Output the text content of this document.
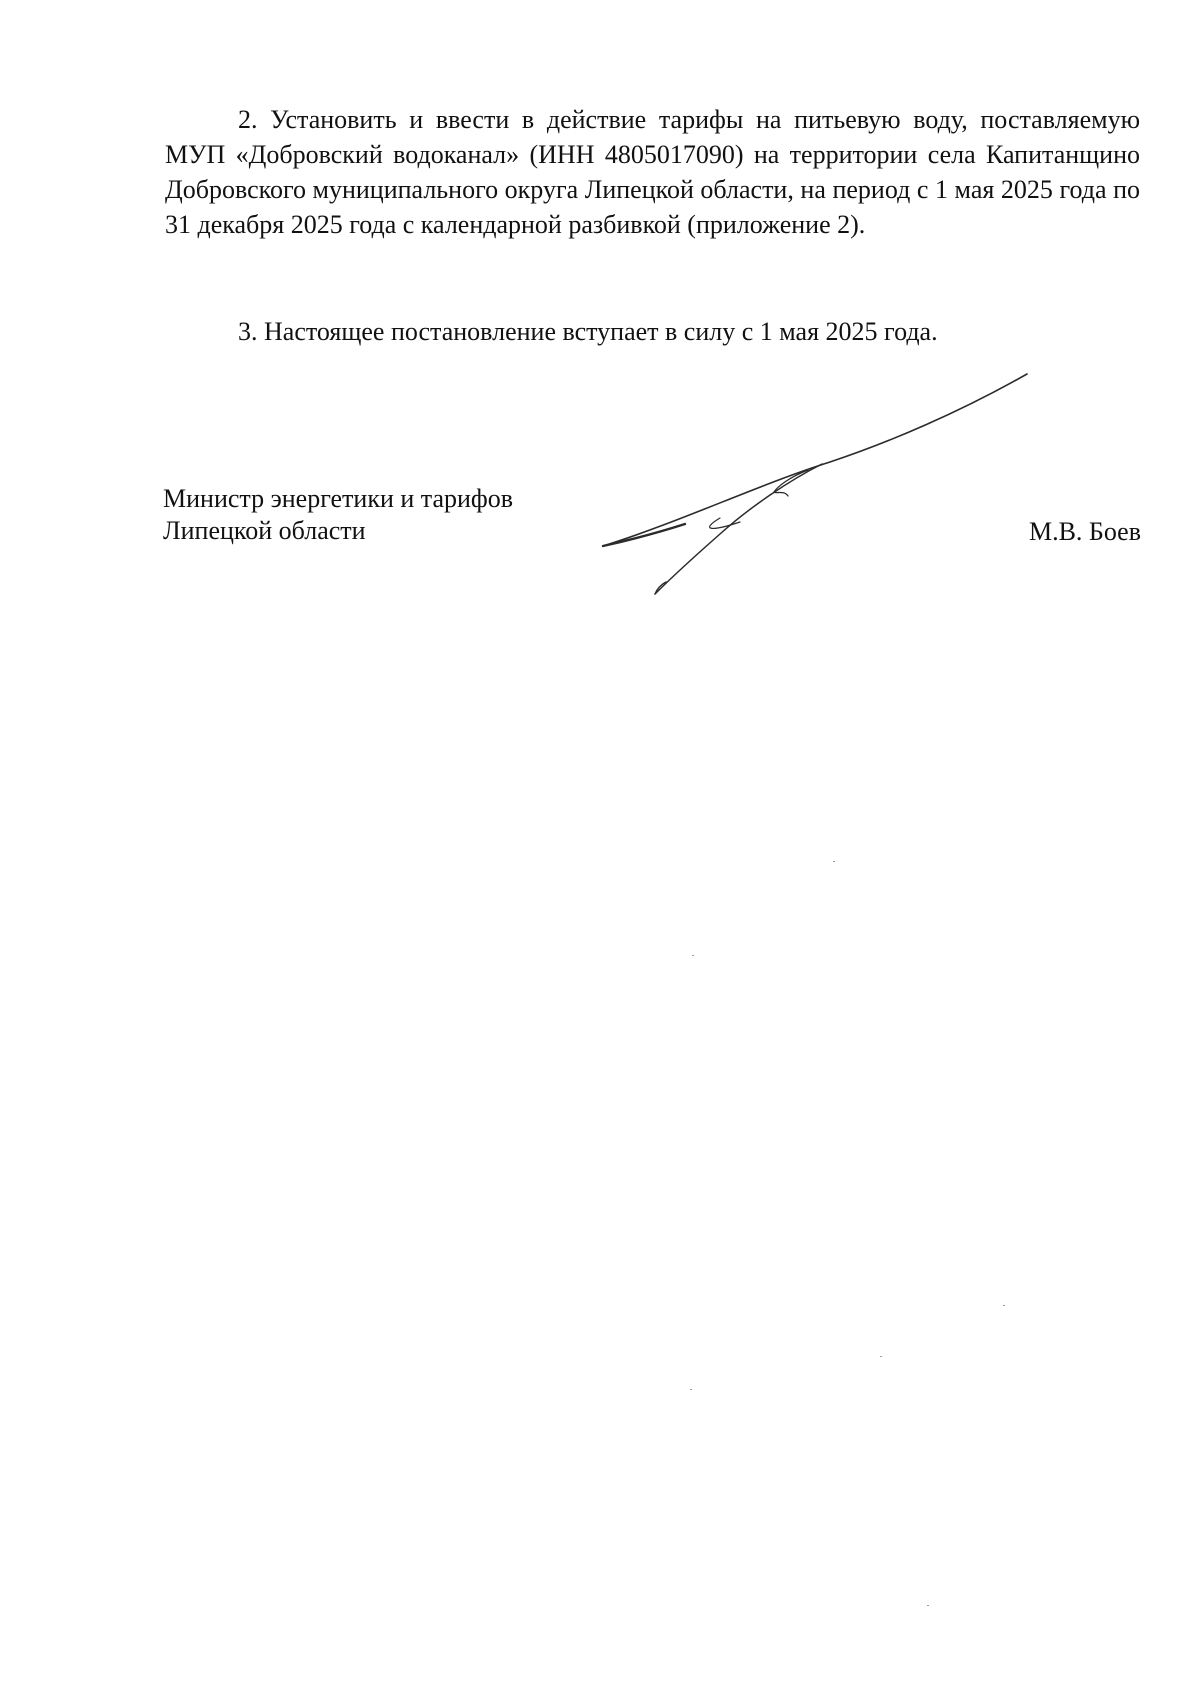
2. Установить и ввести в действие тарифы на питьевую воду, поставляемую МУП «Добровский водоканал» (ИНН 4805017090) на территории села Капитанщино Добровского муниципального округа Липецкой области, на период с 1 мая 2025 года по 31 декабря 2025 года с календарной разбивкой (приложение 2).

3. Настоящее постановление вступает в силу с 1 мая 2025 года.

Министр энергетики и тарифов
Липецкой области	М.В. Боев
